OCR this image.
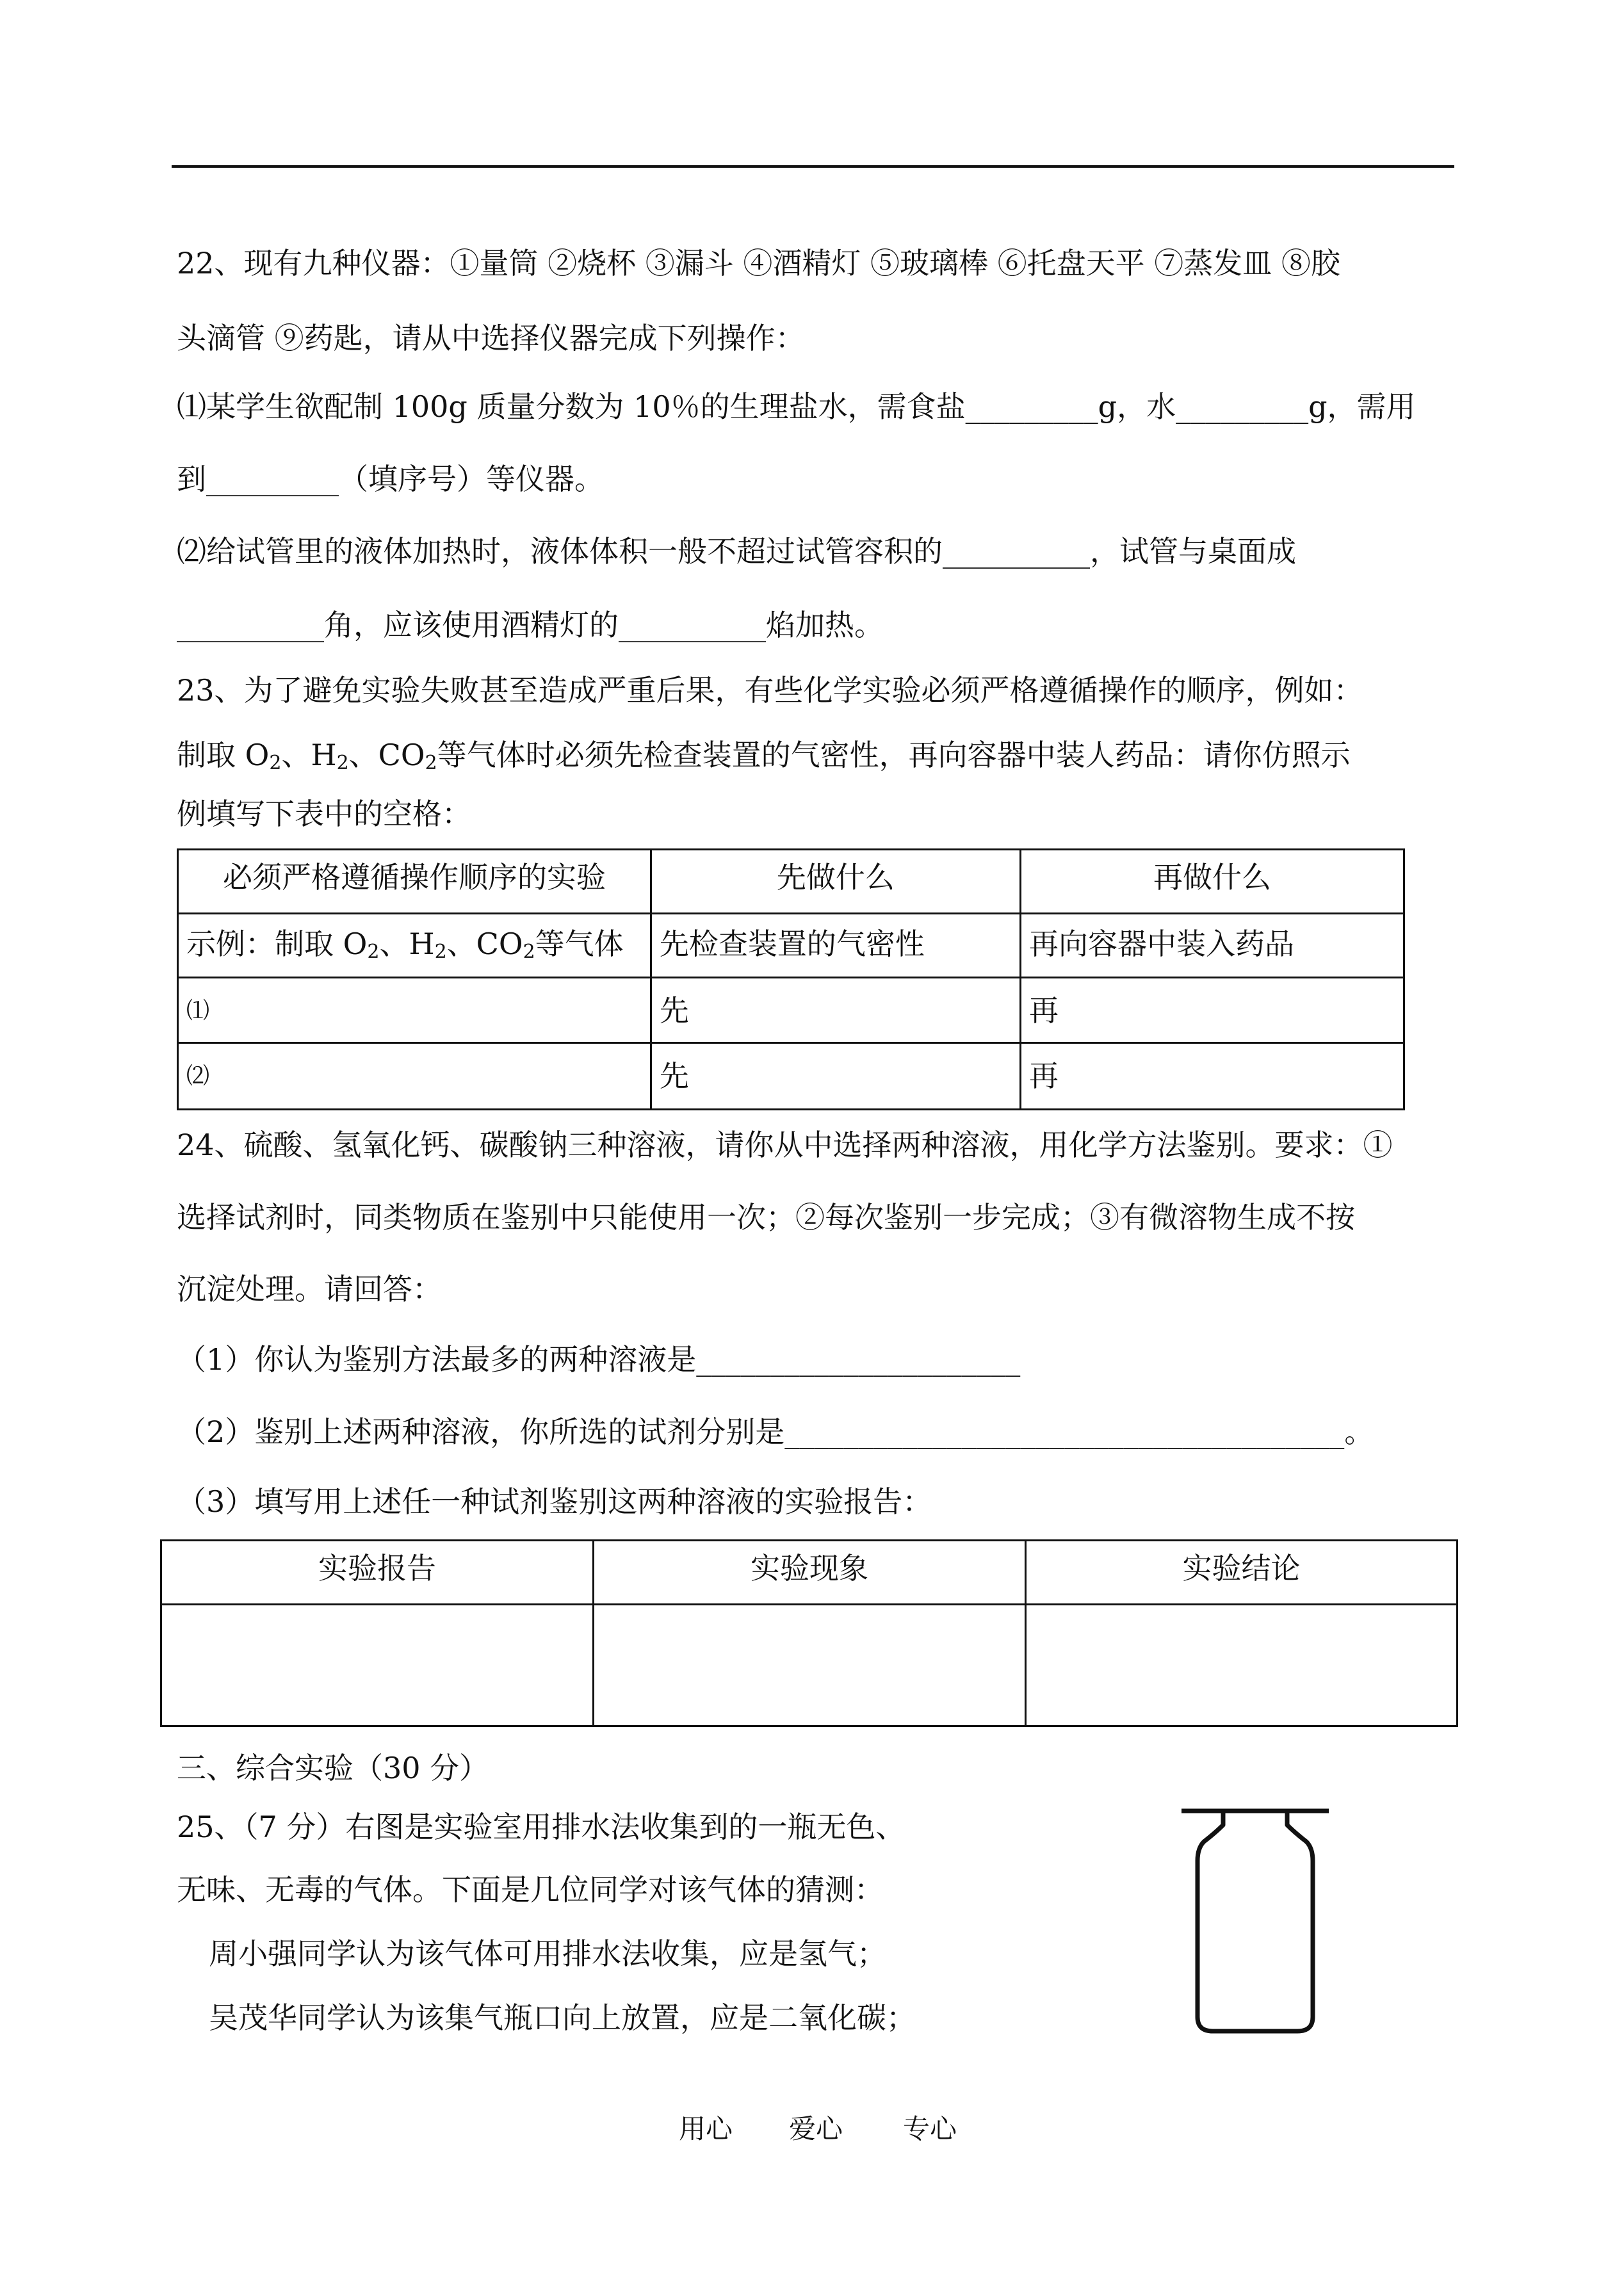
22、现有九种仪器：①量筒 ②烧杯 ③漏斗 ④酒精灯 ⑤玻璃棒 ⑥托盘天平 ⑦蒸发皿 ⑧胶
头滴管 ⑨药匙，请从中选择仪器完成下列操作：
⑴某学生欲配制 100g 质量分数为 10％的生理盐水，需食盐_________g，水_________g，需用
到_________（填序号）等仪器。
⑵给试管里的液体加热时，液体体积一般不超过试管容积的__________，试管与桌面成
__________角，应该使用酒精灯的__________焰加热。
23、为了避免实验失败甚至造成严重后果，有些化学实验必须严格遵循操作的顺序，例如：
制取 $O_2$、$H_2$、$CO_2$等气体时必须先检查装置的气密性，再向容器中装人药品：请你仿照示
例填写下表中的空格：
必须严格遵循操作顺序的实验	先做什么	再做什么
示例：制取 $O_2$、$H_2$、$CO_2$等气体	先检查装置的气密性	再向容器中装入药品
⑴	先	再
⑵	先	再
24、硫酸、氢氧化钙、碳酸钠三种溶液，请你从中选择两种溶液，用化学方法鉴别。要求：①
选择试剂时，同类物质在鉴别中只能使用一次；②每次鉴别一步完成；③有微溶物生成不按
沉淀处理。请回答：
（1）你认为鉴别方法最多的两种溶液是______________________
（2）鉴别上述两种溶液，你所选的试剂分别是______________________________________。
（3）填写用上述任一种试剂鉴别这两种溶液的实验报告：
实验报告	实验现象	实验结论

三、综合实验（30 分）
25、（7 分）右图是实验室用排水法收集到的一瓶无色、
无味、无毒的气体。下面是几位同学对该气体的猜测：
周小强同学认为该气体可用排水法收集，应是氢气；
吴茂华同学认为该集气瓶口向上放置，应是二氧化碳；
用心 爱心 专心
